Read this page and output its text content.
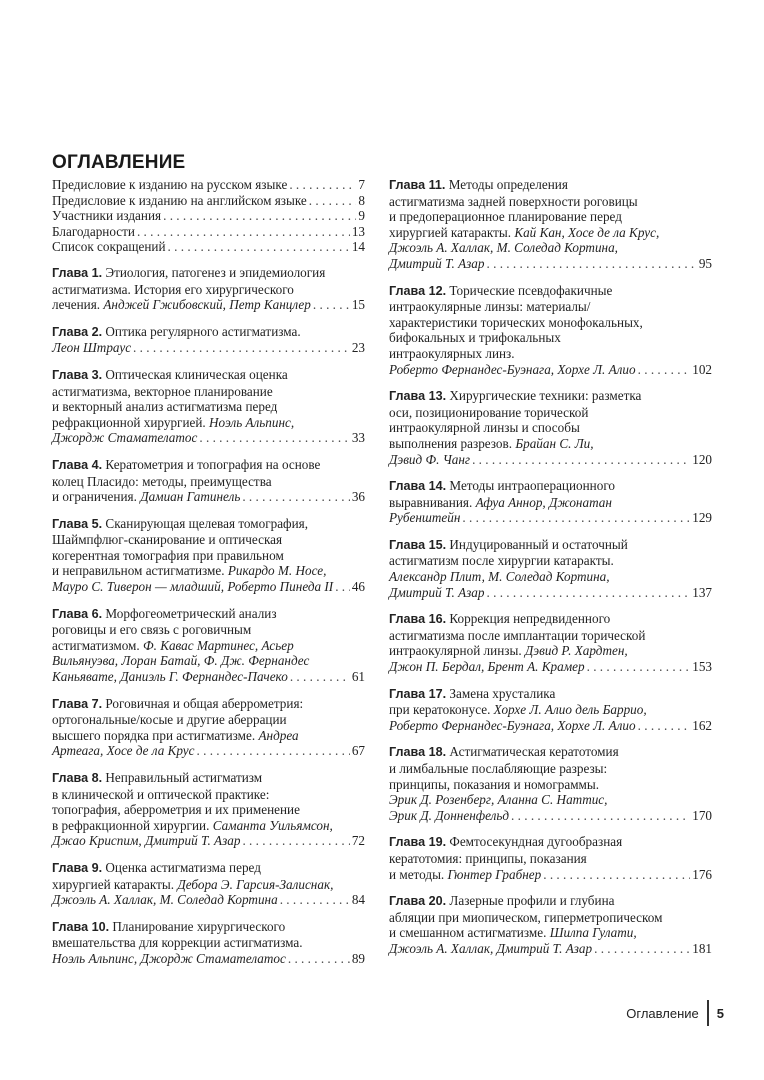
ОГЛАВЛЕНИЕ
Предисловие к изданию на русском языке . . .	7
Предисловие к изданию на английском языке . . .	8
Участники издания . . .	9
Благодарности . . .	13
Список сокращений . . .	14
Глава 1. Этиология, патогенез и эпидемиология
астигматизма. История его хирургического
лечения. Анджей Гжибовский, Петр Канцлер . . .	15
Глава 2. Оптика регулярного астигматизма.
Леон Штраус . . .	23
Глава 3. Оптическая клиническая оценка
астигматизма, векторное планирование
и векторный анализ астигматизма перед
рефракционной хирургией. Ноэль Альпинс,
Джордж Стамателатос . . .	33
Глава 4. Кератометрия и топография на основе
колец Пласидо: методы, преимущества
и ограничения. Дамиан Гатинель . . .	36
Глава 5. Сканирующая щелевая томография,
Шаймпфлюг-сканирование и оптическая
когерентная томография при правильном
и неправильном астигматизме. Рикардо М. Носе,
Мауро С. Тиверон — младший, Роберто Пинеда II . . . 46
Глава 6. Морфогеометрический анализ
роговицы и его связь с роговичным
астигматизмом. Ф. Кавас Мартинес, Асьер
Вильянуэва, Лоран Батай, Ф. Дж. Фернандес
Каньявате, Даниэль Г. Фернандес-Пачеко . . .	61
Глава 7. Роговичная и общая аберрометрия:
ортогональные/косые и другие аберрации
высшего порядка при астигматизме. Андреа
Артеага, Хосе де ла Крус . . .	67
Глава 8. Неправильный астигматизм
в клинической и оптической практике:
топография, аберрометрия и их применение
в рефракционной хирургии. Саманта Уильямсон,
Джао Криспим, Дмитрий Т. Азар . . .	72
Глава 9. Оценка астигматизма перед
хирургией катаракты. Дебора Э. Гарсия-Залиснак,
Джоэль А. Халлак, М. Соледад Кортина . . .	84
Глава 10. Планирование хирургического
вмешательства для коррекции астигматизма.
Ноэль Альпинс, Джордж Стамателатос . . .	89
Глава 11. Методы определения
астигматизма задней поверхности роговицы
и предоперационное планирование перед
хирургией катаракты. Кай Кан, Хосе де ла Крус,
Джоэль А. Халлак, М. Соледад Кортина,
Дмитрий Т. Азар . . .	95
Глава 12. Торические псевдофакичные
интраокулярные линзы: материалы/
характеристики торических монофокальных,
бифокальных и трифокальных
интраокулярных линз.
Роберто Фернандес-Буэнага, Хорхе Л. Алио . . .	102
Глава 13. Хирургические техники: разметка
оси, позиционирование торической
интраокулярной линзы и способы
выполнения разрезов. Брайан С. Ли,
Дэвид Ф. Чанг . . .	120
Глава 14. Методы интраоперационного
выравнивания. Афуа Аннор, Джонатан
Рубенштейн . . .	129
Глава 15. Индуцированный и остаточный
астигматизм после хирургии катаракты.
Александр Плит, М. Соледад Кортина,
Дмитрий Т. Азар . . .	137
Глава 16. Коррекция непредвиденного
астигматизма после имплантации торической
интраокулярной линзы. Дэвид Р. Хардтен,
Джон П. Бердал, Брент А. Крамер . . .	153
Глава 17. Замена хрусталика
при кератоконусе. Хорхе Л. Алио дель Баррио,
Роберто Фернандес-Буэнага, Хорхе Л. Алио . . .	162
Глава 18. Астигматическая кератотомия
и лимбальные послабляющие разрезы:
принципы, показания и номограммы.
Эрик Д. Розенберг, Аланна С. Наттис,
Эрик Д. Донненфельд . . .	170
Глава 19. Фемтосекундная дугообразная
кератотомия: принципы, показания
и методы. Гюнтер Грабнер . . .	176
Глава 20. Лазерные профили и глубина
абляции при миопическом, гиперметропическом
и смешанном астигматизме. Шилпа Гулати,
Джоэль А. Халлак, Дмитрий Т. Азар . . .	181
Оглавление 5
